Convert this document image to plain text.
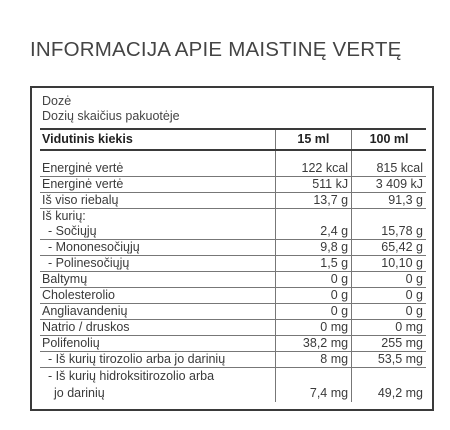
INFORMACIJA APIE MAISTINĘ VERTĘ
Dozė
Dozių skaičius pakuotėje
Vidutinis kiekis	15 ml	100 ml

Energinė vertė	122 kcal	815 kcal
Energinė vertė	511 kJ	3 409 kJ
Iš viso riebalų	13,7 g	91,3 g
Iš kurių:		
- Sočiųjų	2,4 g	15,78 g
- Mononesočiųjų	9,8 g	65,42 g
- Polinesočiųjų	1,5 g	10,10 g
Baltymų	0 g	0 g
Cholesterolio	0 g	0 g
Angliavandenių	0 g	0 g
Natrio / druskos	0 mg	0 mg
Polifenolių	38,2 mg	255 mg
- Iš kurių tirozolio arba jo darinių	8 mg	53,5 mg
- Iš kurių hidroksitirozolio arba		
jo darinių	7,4 mg	49,2 mg
